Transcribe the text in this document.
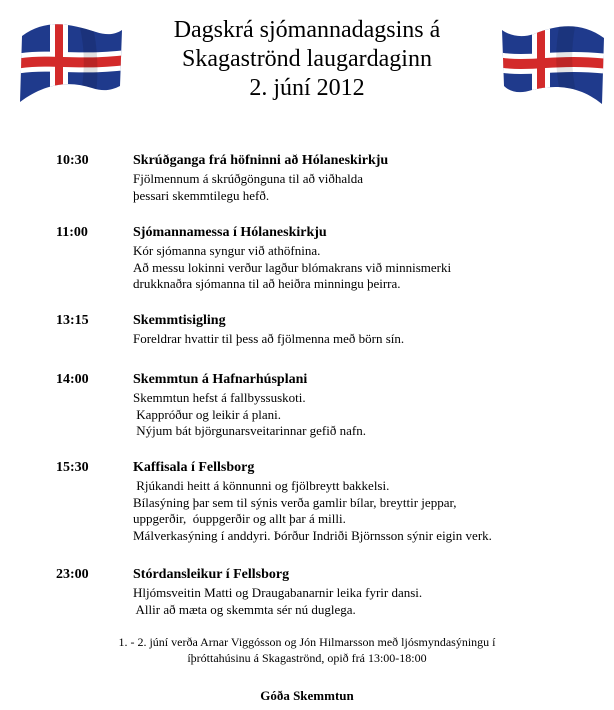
Dagskrá sjómannadagsins á
Skagaströnd laugardaginn
2. júní 2012
10:30	Skrúðganga frá höfninni að Hólaneskirkju
Fjölmennum á skrúðgönguna til að viðhalda
þessari skemmtilegu hefð.
11:00	Sjómannamessa í Hólaneskirkju
Kór sjómanna syngur við athöfnina.
Að messu lokinni verður lagður blómakrans við minnismerki
drukknaðra sjómanna til að heiðra minningu þeirra.
13:15	Skemmtisigling
Foreldrar hvattir til þess að fjölmenna með börn sín.
14:00	Skemmtun á Hafnarhúsplani
Skemmtun hefst á fallbyssuskoti.
Kappróður og leikir á plani.
Nýjum bát björgunarsveitarinnar gefið nafn.
15:30	Kaffisala í Fellsborg
Rjúkandi heitt á könnunni og fjölbreytt bakkelsi.
Bílasýning þar sem til sýnis verða gamlir bílar, breyttir jeppar,
uppgerðir,  óuppgerðir og allt þar á milli.
Málverkasýning í anddyri. Þórður Indriði Björnsson sýnir eigin verk.
23:00	Stórdansleikur í Fellsborg
Hljómsveitin Matti og Draugabanarnir leika fyrir dansi.
Allir að mæta og skemmta sér nú duglega.
1. - 2. júní verða Arnar Viggósson og Jón Hilmarsson með ljósmyndasýningu í
íþróttahúsinu á Skagaströnd, opið frá 13:00-18:00
Góða Skemmtun
